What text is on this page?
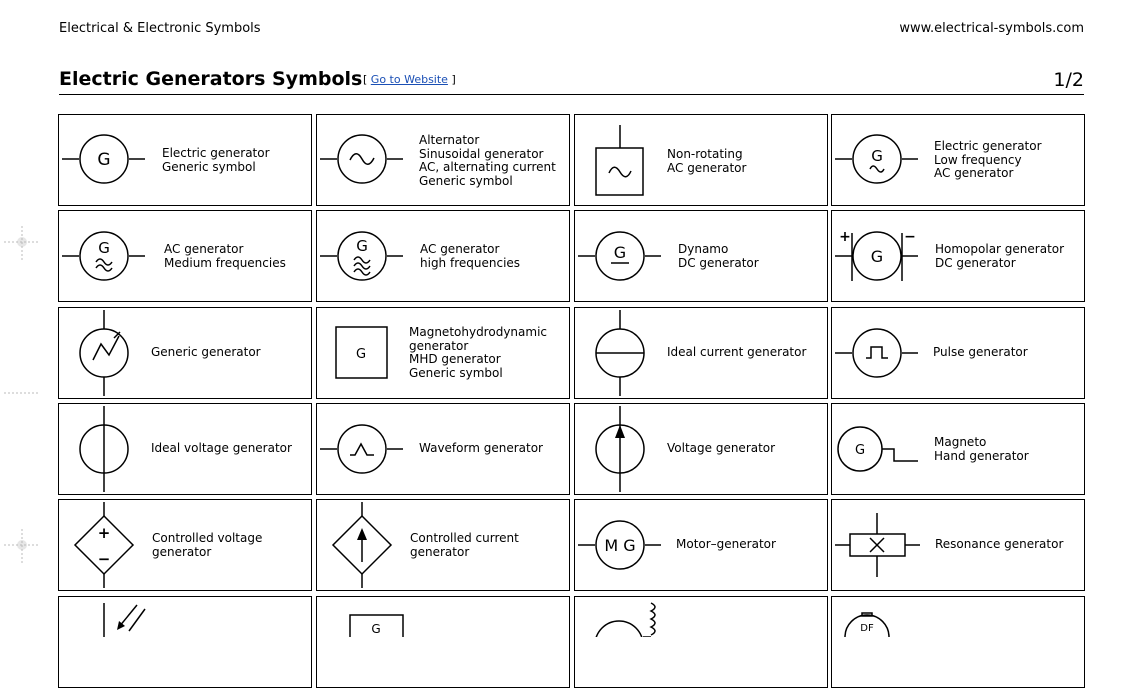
Electrical & Electronic Symbols	www.electrical-symbols.com
Electric Generators Symbols [ Go to Website ]	1/2
G	Electric generator
Generic symbol
Alternator
Sinusoidal generator
AC, alternating current
Generic symbol
Non-rotating
AC generator
G
Electric generator
Low frequency
AC generator
G	AC generator
Medium frequencies
G	AC generator
high frequencies
G	Dynamo
DC generator	G
+	−
Homopolar generator
DC generator
Generic generator	G
Magnetohydrodynamic
generator
MHD generator
Generic symbol
Ideal current generator	Pulse generator
Ideal voltage generator	Waveform generator	Voltage generator	G
Magneto
Hand generator
+
−
Controlled voltage
generator
Controlled current
generator	M G	Motor–generator	Resonance generator
G	DF
